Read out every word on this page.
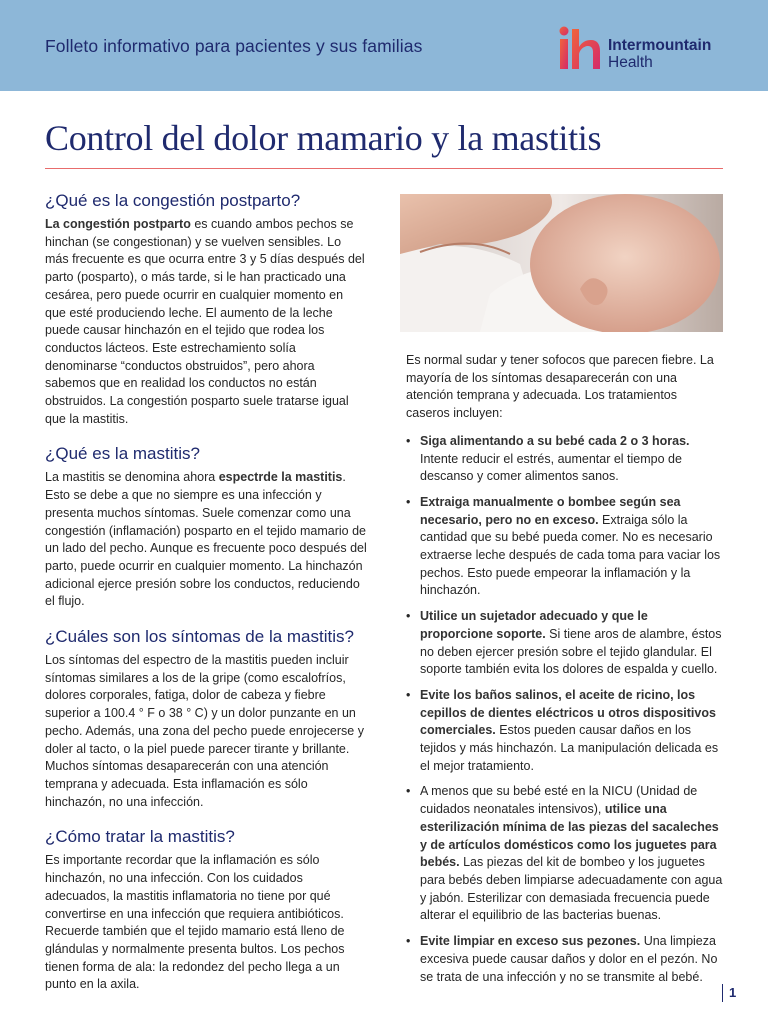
Folleto informativo para pacientes y sus familias	Intermountain
Health
Control del dolor mamario y la mastitis
¿Qué es la congestión postparto?

La congestión postparto es cuando ambos pechos se hinchan (se congestionan) y se vuelven sensibles. Lo más frecuente es que ocurra entre 3 y 5 días después del parto (posparto), o más tarde, si le han practicado una cesárea, pero puede ocurrir en cualquier momento en que esté produciendo leche. El aumento de la leche puede causar hinchazón en el tejido que rodea los conductos lácteos. Este estrechamiento solía denominarse “conductos obstruidos”, pero ahora sabemos que en realidad los conductos no están obstruidos. La congestión posparto suele tratarse igual que la mastitis.

¿Qué es la mastitis?

La mastitis se denomina ahora espectrde la mastitis. Esto se debe a que no siempre es una infección y presenta muchos síntomas. Suele comenzar como una congestión (inflamación) posparto en el tejido mamario de un lado del pecho. Aunque es frecuente poco después del parto, puede ocurrir en cualquier momento. La hinchazón adicional ejerce presión sobre los conductos, reduciendo el flujo.

¿Cuáles son los síntomas de la mastitis?

Los síntomas del espectro de la mastitis pueden incluir síntomas similares a los de la gripe (como escalofríos, dolores corporales, fatiga, dolor de cabeza y fiebre superior a 100.4 ° F o 38 ° C) y un dolor punzante en un pecho. Además, una zona del pecho puede enrojecerse y doler al tacto, o la piel puede parecer tirante y brillante. Muchos síntomas desaparecerán con una atención temprana y adecuada. Esta inflamación es sólo hinchazón, no una infección.

¿Cómo tratar la mastitis?

Es importante recordar que la inflamación es sólo hinchazón, no una infección. Con los cuidados adecuados, la mastitis inflamatoria no tiene por qué convertirse en una infección que requiera antibióticos. Recuerde también que el tejido mamario está lleno de glándulas y normalmente presenta bultos. Los pechos tienen forma de ala: la redondez del pecho llega a un punto en la axila.

Es normal sudar y tener sofocos que parecen fiebre. La mayoría de los síntomas desaparecerán con una atención temprana y adecuada. Los tratamientos caseros incluyen:

• Siga alimentando a su bebé cada 2 o 3 horas. Intente reducir el estrés, aumentar el tiempo de descanso y comer alimentos sanos.
• Extraiga manualmente o bombee según sea necesario, pero no en exceso. Extraiga sólo la cantidad que su bebé pueda comer. No es necesario extraerse leche después de cada toma para vaciar los pechos. Esto puede empeorar la inflamación y la hinchazón.
• Utilice un sujetador adecuado y que le proporcione soporte. Si tiene aros de alambre, éstos no deben ejercer presión sobre el tejido glandular. El soporte también evita los dolores de espalda y cuello.
• Evite los baños salinos, el aceite de ricino, los cepillos de dientes eléctricos u otros dispositivos comerciales. Estos pueden causar daños en los tejidos y más hinchazón. La manipulación delicada es el mejor tratamiento.
• A menos que su bebé esté en la NICU (Unidad de cuidados neonatales intensivos), utilice una esterilización mínima de las piezas del sacaleches y de artículos domésticos como los juguetes para bebés. Las piezas del kit de bombeo y los juguetes para bebés deben limpiarse adecuadamente con agua y jabón. Esterilizar con demasiada frecuencia puede alterar el equilibrio de las bacterias buenas.
• Evite limpiar en exceso sus pezones. Una limpieza excesiva puede causar daños y dolor en el pezón. No se trata de una infección y no se transmite al bebé.
1
